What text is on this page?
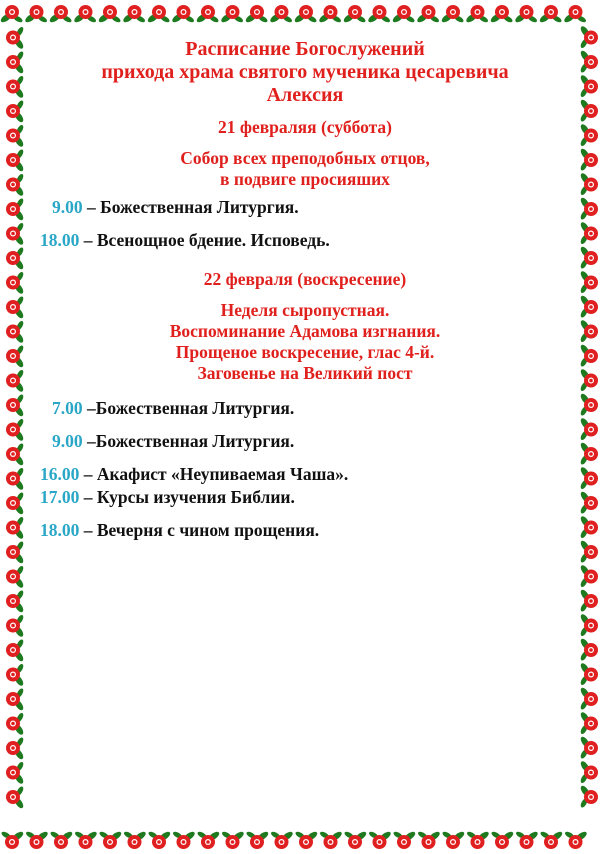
Расписание Богослужений
прихода храма святого мученика цесаревича
Алексия
21 февраляя (суббота)
Собор всех преподобных отцов,
в подвиге просияших
9.00 – Божественная Литургия.
18.00 – Всенощное бдение. Исповедь.
22 февраля (воскресение)
Неделя сыропустная.
Воспоминание Адамова изгнания.
Прощеное воскресение, глас 4-й.
Заговенье на Великий пост
7.00 –Божественная Литургия.
9.00 –Божественная Литургия.
16.00 – Акафист «Неупиваемая Чаша».
17.00 – Курсы изучения Библии.
18.00 – Вечерня с чином прощения.
